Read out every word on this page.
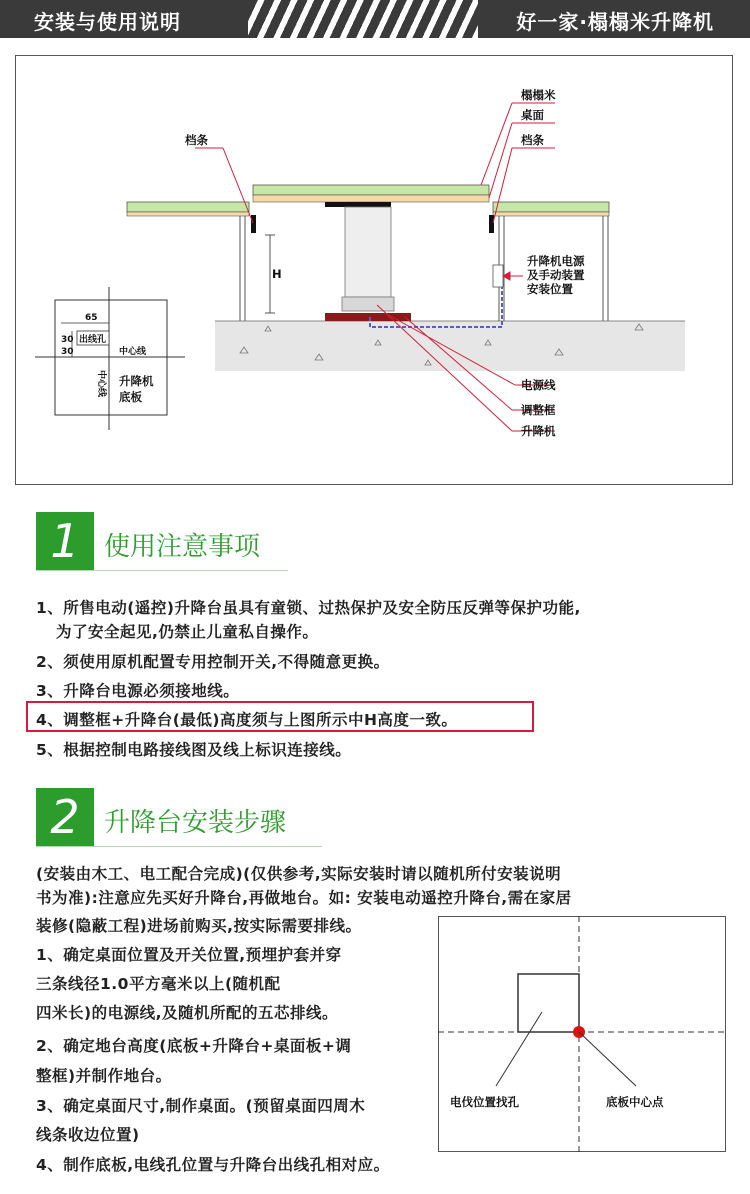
安装与使用说明	好一家·榻榻米升降机
H
榻榻米
桌面
档条
档条
升降机电源
及手动装置
安装位置
电源线
调整框
升降机
65
30
30
出线孔
中心线
中心线 升降机
底板
1 使用注意事项
1、所售电动(遥控)升降台虽具有童锁、过热保护及安全防压反弹等保护功能,
为了安全起见,仍禁止儿童私自操作。
2、须使用原机配置专用控制开关,不得随意更换。
3、升降台电源必须接地线。
4、调整框+升降台(最低)高度须与上图所示中H高度一致。
5、根据控制电路接线图及线上标识连接线。
2 升降台安装步骤
(安装由木工、电工配合完成)(仅供参考,实际安装时请以随机所付安装说明
书为准):注意应先买好升降台,再做地台。如: 安装电动遥控升降台,需在家居
装修(隐蔽工程)进场前购买,按实际需要排线。
1、确定桌面位置及开关位置,预埋护套并穿
三条线径1.0平方毫米以上(随机配
四米长)的电源线,及随机所配的五芯排线。
2、确定地台高度(底板+升降台+桌面板+调
整框)并制作地台。
3、确定桌面尺寸,制作桌面。(预留桌面四周木
线条收边位置)
4、制作底板,电线孔位置与升降台出线孔相对应。
电伐位置找孔	底板中心点
